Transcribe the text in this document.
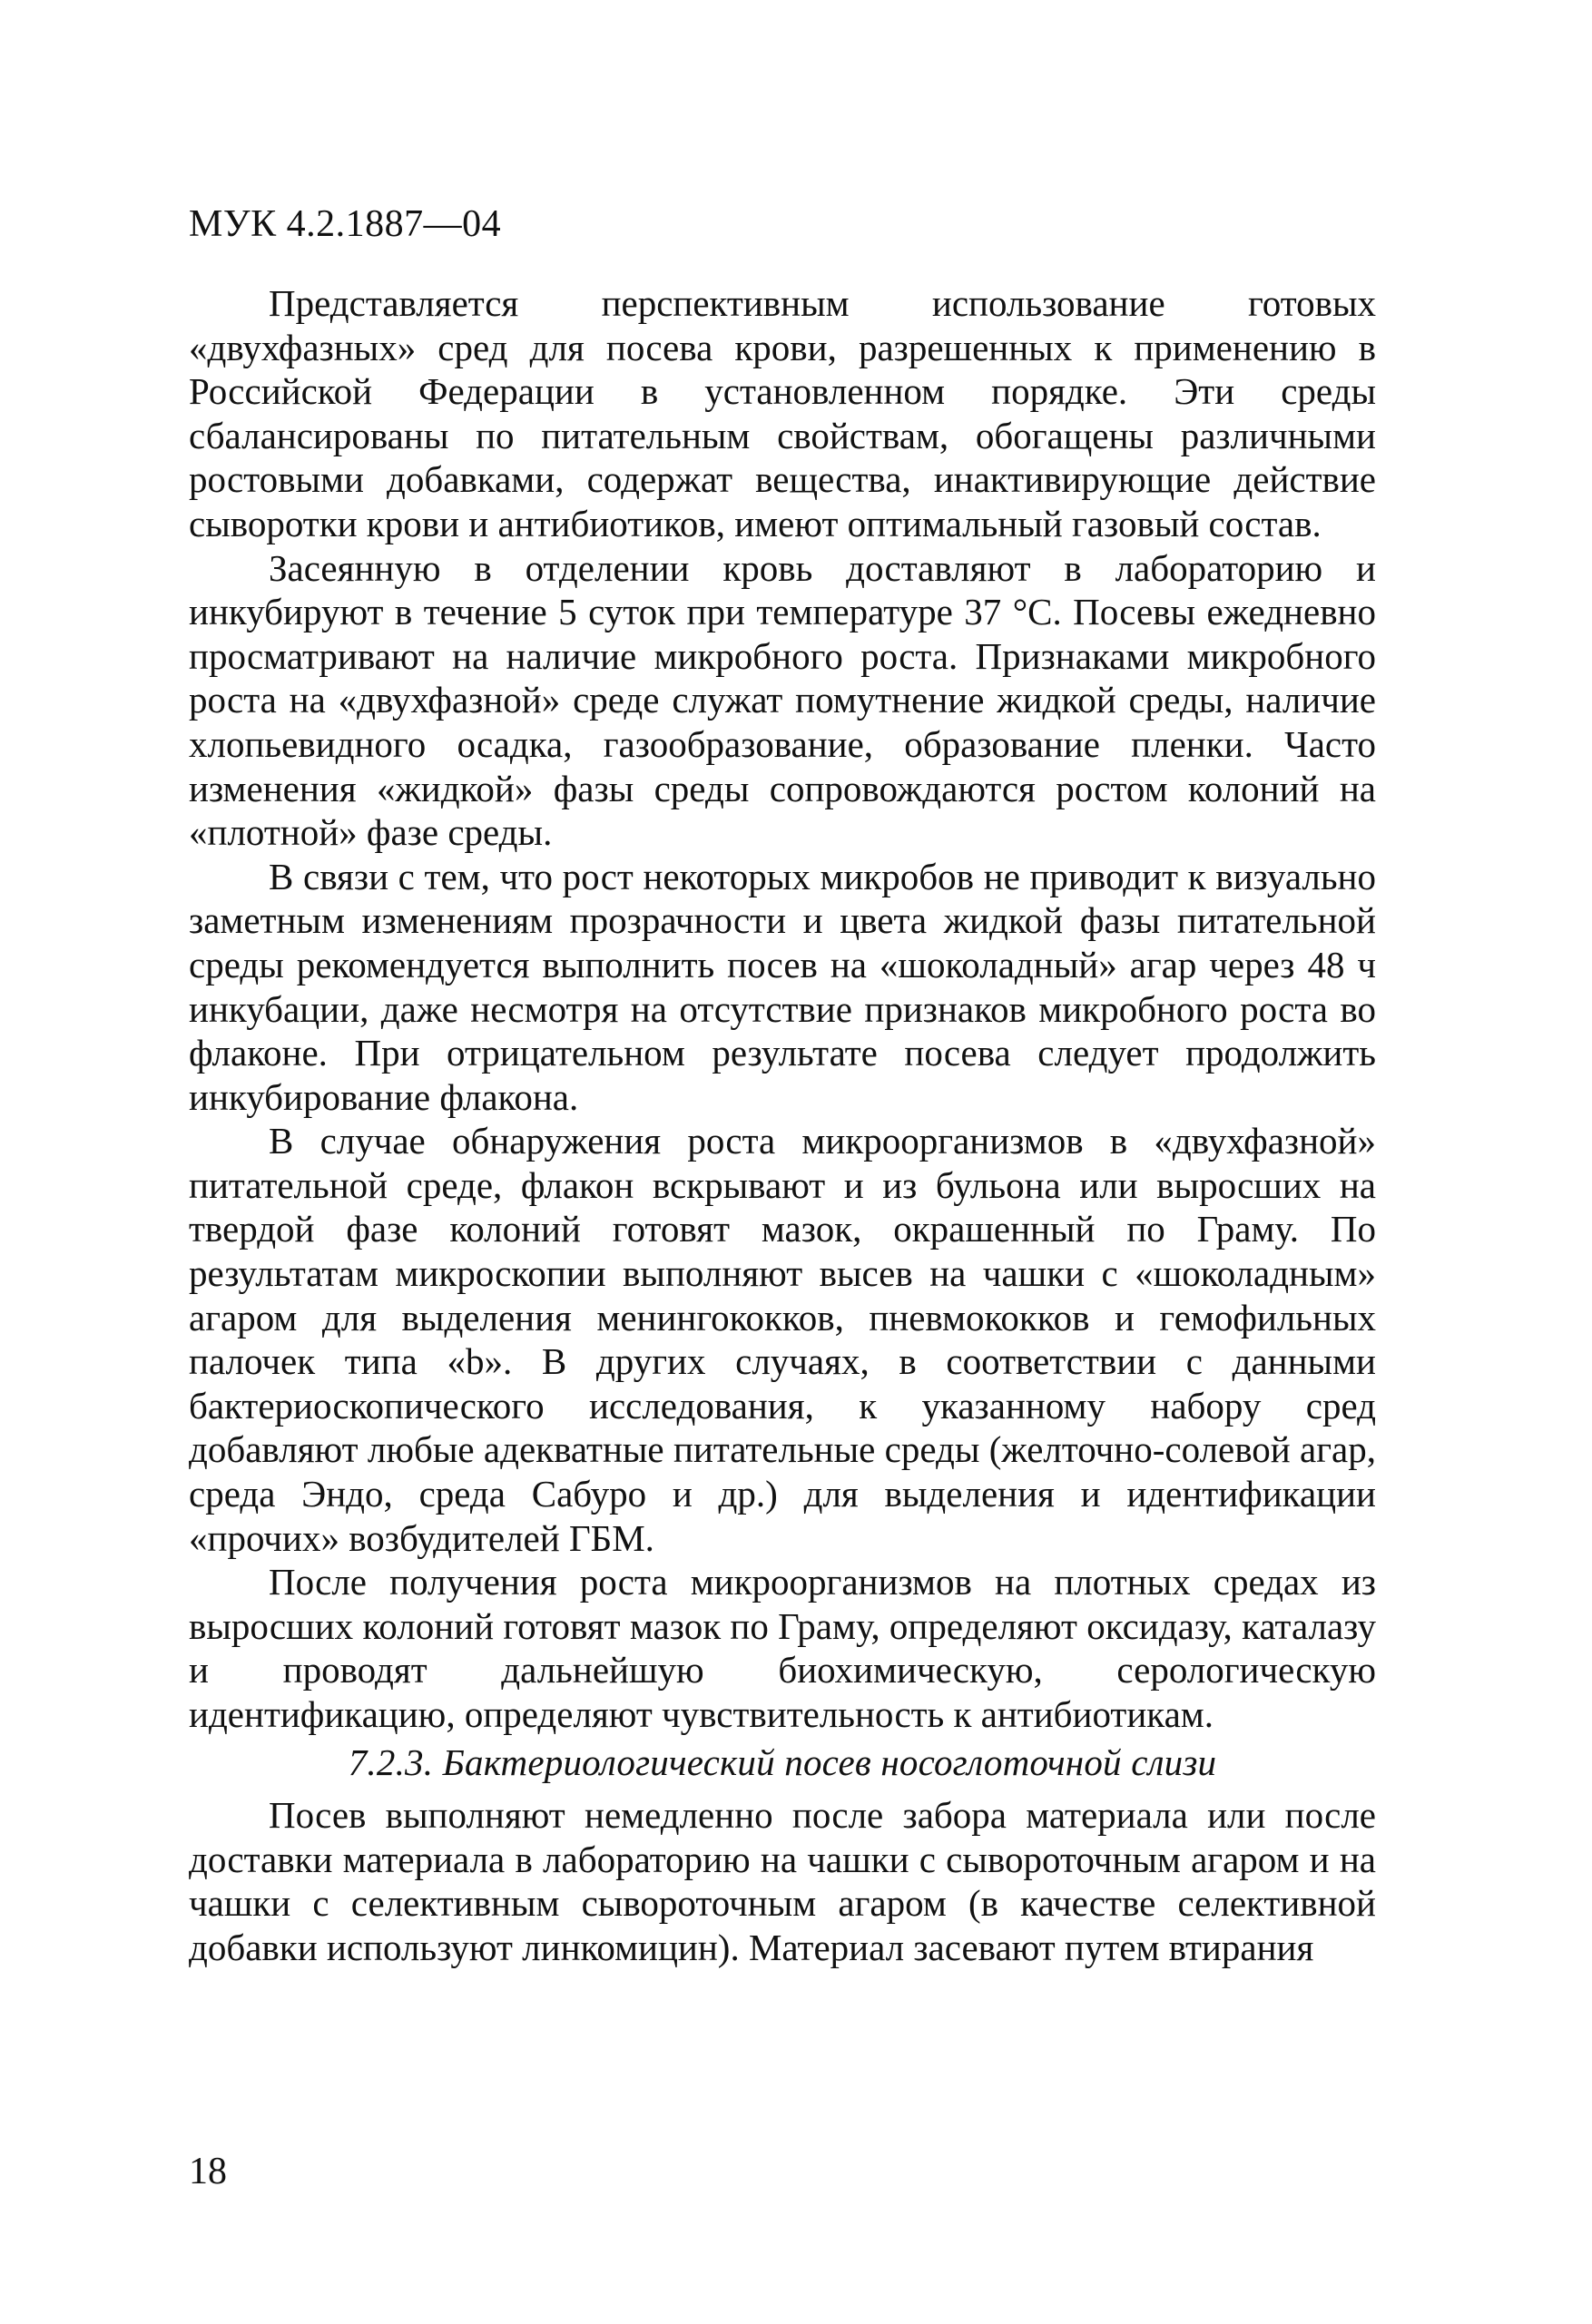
МУК 4.2.1887—04

Представляется перспективным использование готовых «двухфазных» сред для посева крови, разрешенных к применению в Российской Федерации в установленном порядке. Эти среды сбалансированы по питательным свойствам, обогащены различными ростовыми добавками, содержат вещества, инактивирующие действие сыворотки крови и антибиотиков, имеют оптимальный газовый состав.

Засеянную в отделении кровь доставляют в лабораторию и инкубируют в течение 5 суток при температуре 37 °С. Посевы ежедневно просматривают на наличие микробного роста. Признаками микробного роста на «двухфазной» среде служат помутнение жидкой среды, наличие хлопьевидного осадка, газообразование, образование пленки. Часто изменения «жидкой» фазы среды сопровождаются ростом колоний на «плотной» фазе среды.

В связи с тем, что рост некоторых микробов не приводит к визуально заметным изменениям прозрачности и цвета жидкой фазы питательной среды рекомендуется выполнить посев на «шоколадный» агар через 48 ч инкубации, даже несмотря на отсутствие признаков микробного роста во флаконе. При отрицательном результате посева следует продолжить инкубирование флакона.

В случае обнаружения роста микроорганизмов в «двухфазной» питательной среде, флакон вскрывают и из бульона или выросших на твердой фазе колоний готовят мазок, окрашенный по Граму. По результатам микроскопии выполняют высев на чашки с «шоколадным» агаром для выделения менингококков, пневмококков и гемофильных палочек типа «b». В других случаях, в соответствии с данными бактериоскопического исследования, к указанному набору сред добавляют любые адекватные питательные среды (желточно-солевой агар, среда Эндо, среда Сабуро и др.) для выделения и идентификации «прочих» возбудителей ГБМ.

После получения роста микроорганизмов на плотных средах из выросших колоний готовят мазок по Граму, определяют оксидазу, каталазу и проводят дальнейшую биохимическую, серологическую идентификацию, определяют чувствительность к антибиотикам.

7.2.3. Бактериологический посев носоглоточной слизи

Посев выполняют немедленно после забора материала или после доставки материала в лабораторию на чашки с сывороточным агаром и на чашки с селективным сывороточным агаром (в качестве селективной добавки используют линкомицин). Материал засевают путем втирания

18
